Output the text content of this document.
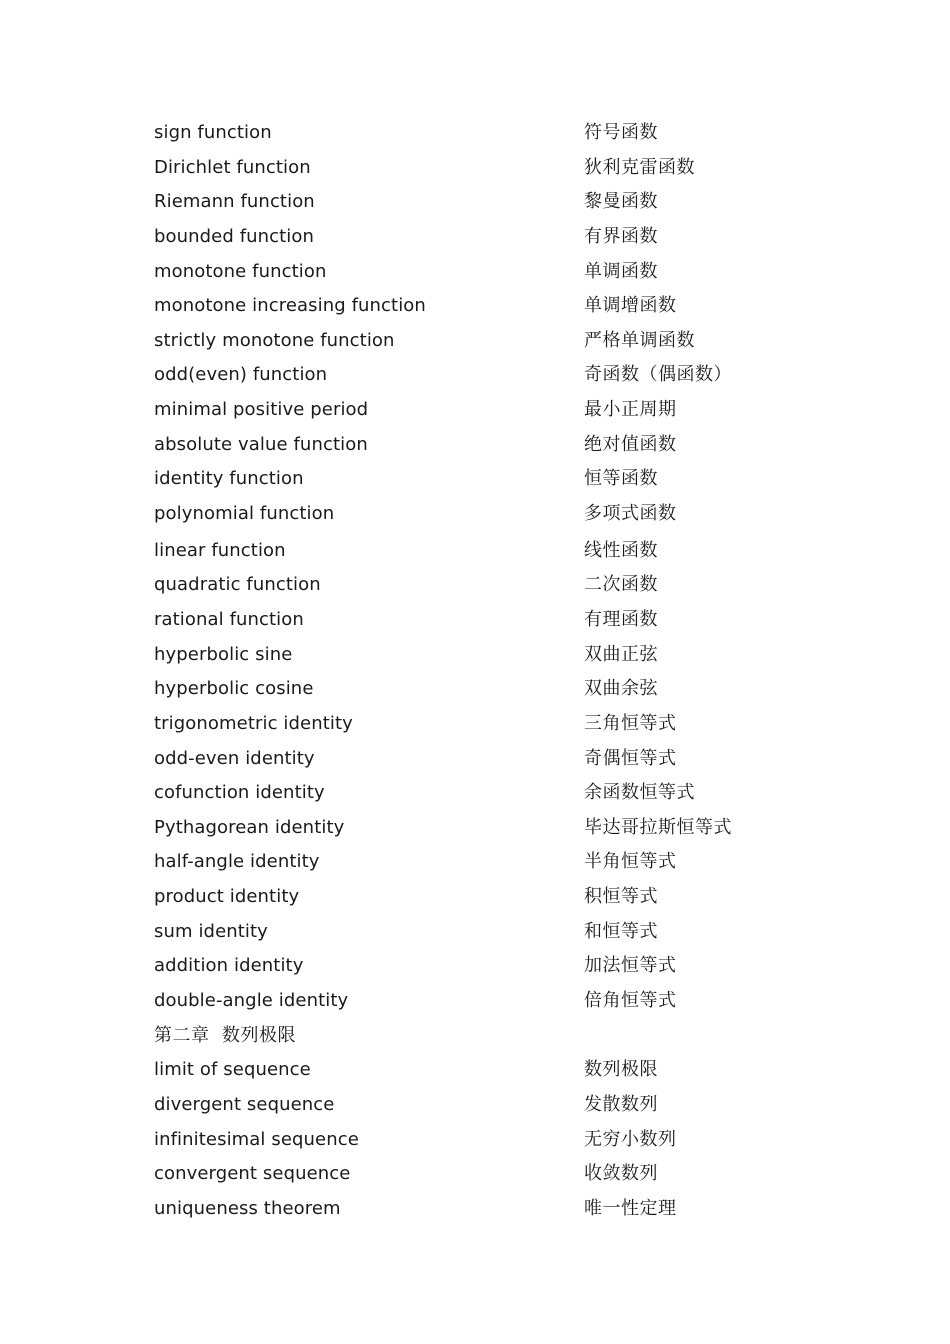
sign function	符号函数
Dirichlet function	狄利克雷函数
Riemann function	黎曼函数
bounded function	有界函数
monotone function	单调函数
monotone increasing function	单调增函数
strictly monotone function	严格单调函数
odd(even) function	奇函数（偶函数）
minimal positive period	最小正周期
absolute value function	绝对值函数
identity function	恒等函数
polynomial function	多项式函数
linear function	线性函数
quadratic function	二次函数
rational function	有理函数
hyperbolic sine	双曲正弦
hyperbolic cosine	双曲余弦
trigonometric identity	三角恒等式
odd-even identity	奇偶恒等式
cofunction identity	余函数恒等式
Pythagorean identity	毕达哥拉斯恒等式
half-angle identity	半角恒等式
product identity	积恒等式
sum identity	和恒等式
addition identity	加法恒等式
double-angle identity	倍角恒等式
第二章  数列极限
limit of sequence	数列极限
divergent sequence	发散数列
infinitesimal sequence	无穷小数列
convergent sequence	收敛数列
uniqueness theorem	唯一性定理
